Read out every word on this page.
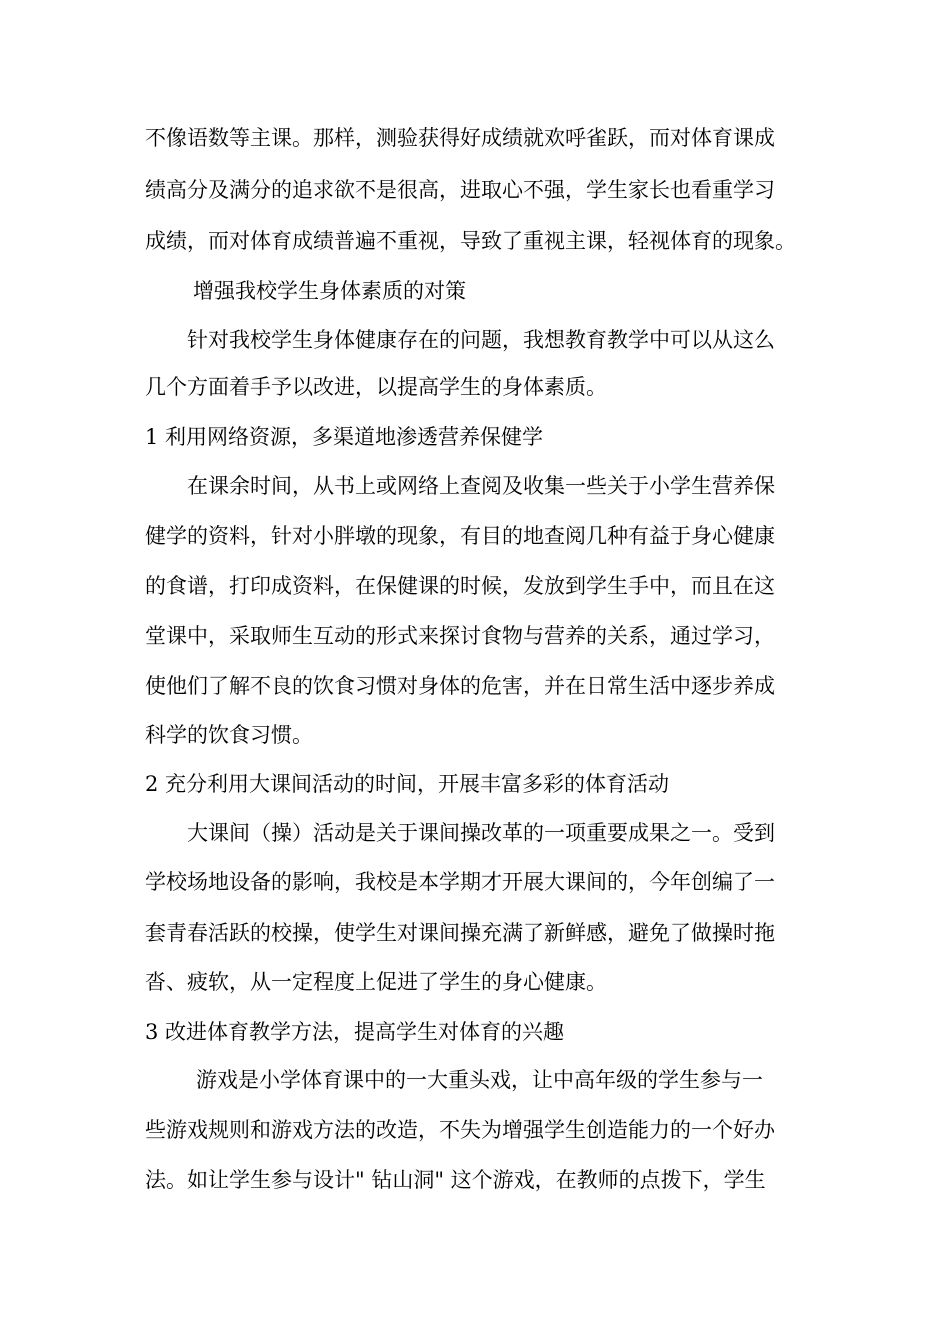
不像语数等主课。那样，测验获得好成绩就欢呼雀跃，而对体育课成
绩高分及满分的追求欲不是很高，进取心不强，学生家长也看重学习
成绩，而对体育成绩普遍不重视，导致了重视主课，轻视体育的现象。
增强我校学生身体素质的对策
针对我校学生身体健康存在的问题，我想教育教学中可以从这么
几个方面着手予以改进，以提高学生的身体素质。
1 利用网络资源，多渠道地渗透营养保健学
在课余时间，从书上或网络上查阅及收集一些关于小学生营养保
健学的资料，针对小胖墩的现象，有目的地查阅几种有益于身心健康
的食谱，打印成资料，在保健课的时候，发放到学生手中，而且在这
堂课中，采取师生互动的形式来探讨食物与营养的关系，通过学习，
使他们了解不良的饮食习惯对身体的危害，并在日常生活中逐步养成
科学的饮食习惯。
2 充分利用大课间活动的时间，开展丰富多彩的体育活动
大课间（操）活动是关于课间操改革的一项重要成果之一。受到
学校场地设备的影响，我校是本学期才开展大课间的，今年创编了一
套青春活跃的校操，使学生对课间操充满了新鲜感，避免了做操时拖
沓、疲软，从一定程度上促进了学生的身心健康。
3 改进体育教学方法，提高学生对体育的兴趣
游戏是小学体育课中的一大重头戏，让中高年级的学生参与一
些游戏规则和游戏方法的改造，不失为增强学生创造能力的一个好办
法。如让学生参与设计" 钻山洞" 这个游戏，在教师的点拨下，学生
